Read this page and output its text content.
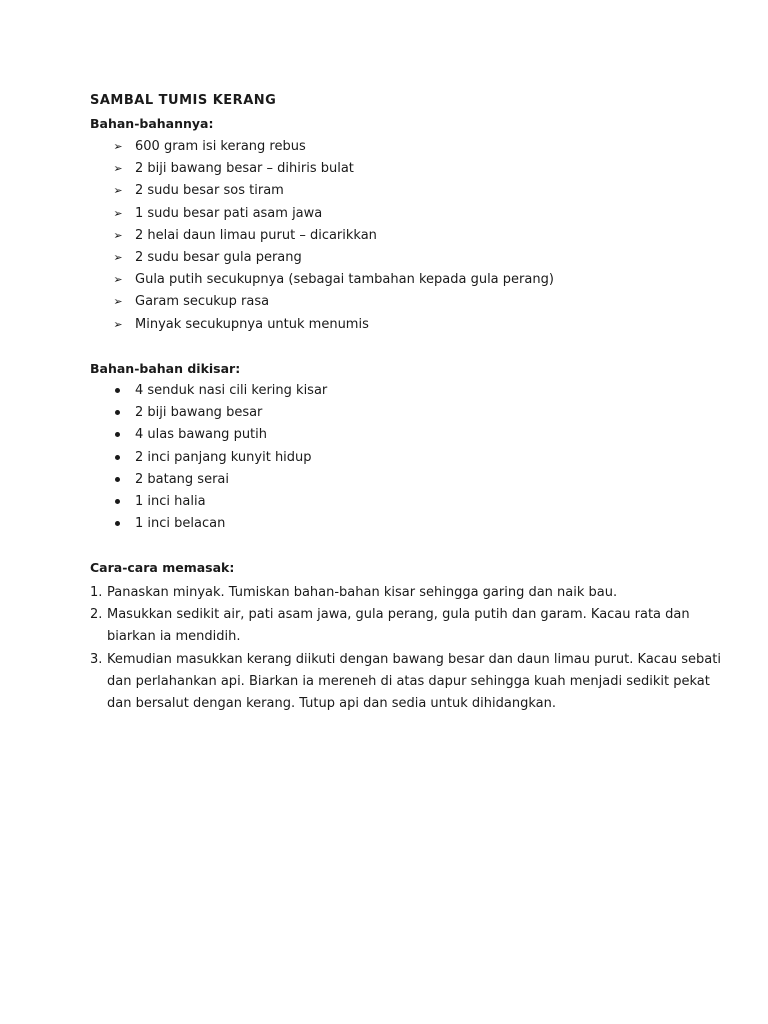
SAMBAL TUMIS KERANG
Bahan-bahannya:
➢ 600 gram isi kerang rebus
➢ 2 biji bawang besar – dihiris bulat
➢ 2 sudu besar sos tiram
➢ 1 sudu besar pati asam jawa
➢ 2 helai daun limau purut – dicarikkan
➢ 2 sudu besar gula perang
➢ Gula putih secukupnya (sebagai tambahan kepada gula perang)
➢ Garam secukup rasa
➢ Minyak secukupnya untuk menumis
Bahan-bahan dikisar:
4 senduk nasi cili kering kisar
2 biji bawang besar
4 ulas bawang putih
2 inci panjang kunyit hidup
2 batang serai
1 inci halia
1 inci belacan
Cara-cara memasak:
1. Panaskan minyak. Tumiskan bahan-bahan kisar sehingga garing dan naik bau.
2. Masukkan sedikit air, pati asam jawa, gula perang, gula putih dan garam. Kacau rata dan
biarkan ia mendidih.
3. Kemudian masukkan kerang diikuti dengan bawang besar dan daun limau purut. Kacau sebati
dan perlahankan api. Biarkan ia mereneh di atas dapur sehingga kuah menjadi sedikit pekat
dan bersalut dengan kerang. Tutup api dan sedia untuk dihidangkan.
